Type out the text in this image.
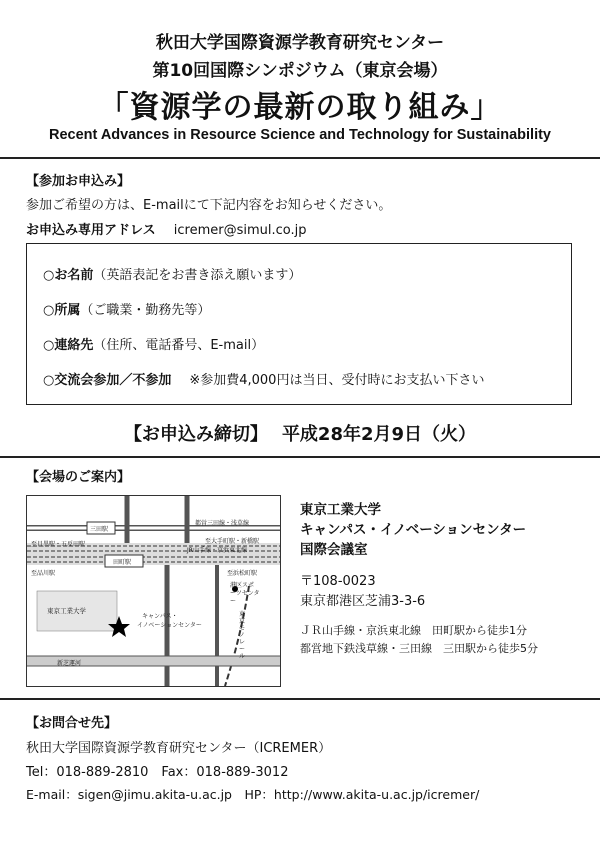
秋田大学国際資源学教育研究センター
第10回国際シンポジウム（東京会場）
「資源学の最新の取り組み」
Recent Advances in Resource Science and Technology for Sustainability
【参加お申込み】
参加ご希望の方は、E-mailにて下記内容をお知らせください。
お申込み専用アドレス icremer@simul.co.jp
○お名前（英語表記をお書き添え願います）
○所属（ご職業・勤務先等）
○連絡先（住所、電話番号、E-mail）
○交流会参加／不参加 ※参加費4,000円は当日、受付時にお支払い下さい
【お申込み締切】 平成28年2月9日（火）
【会場のご案内】
三田駅
都営三田線・浅草線
至目黒駅・五反田駅	至大手町駅・新橋駅
JR山手線・京浜東北線
田町駅
至品川駅	至浜松町駅
港区スポーツセンター
東京工業大学
キャンパス・
イノベーションセンター
東京モノレール
新芝運河
東京工業大学
キャンパス・イノベーションセンター
国際会議室
〒108-0023
東京都港区芝浦3-3-6
ＪＲ山手線・京浜東北線　田町駅から徒歩1分
都営地下鉄浅草線・三田線　三田駅から徒歩5分
【お問合せ先】
秋田大学国際資源学教育研究センター（ICREMER）
Tel：018-889-2810　Fax：018-889-3012
E-mail：sigen@jimu.akita-u.ac.jp　HP：http://www.akita-u.ac.jp/icremer/
